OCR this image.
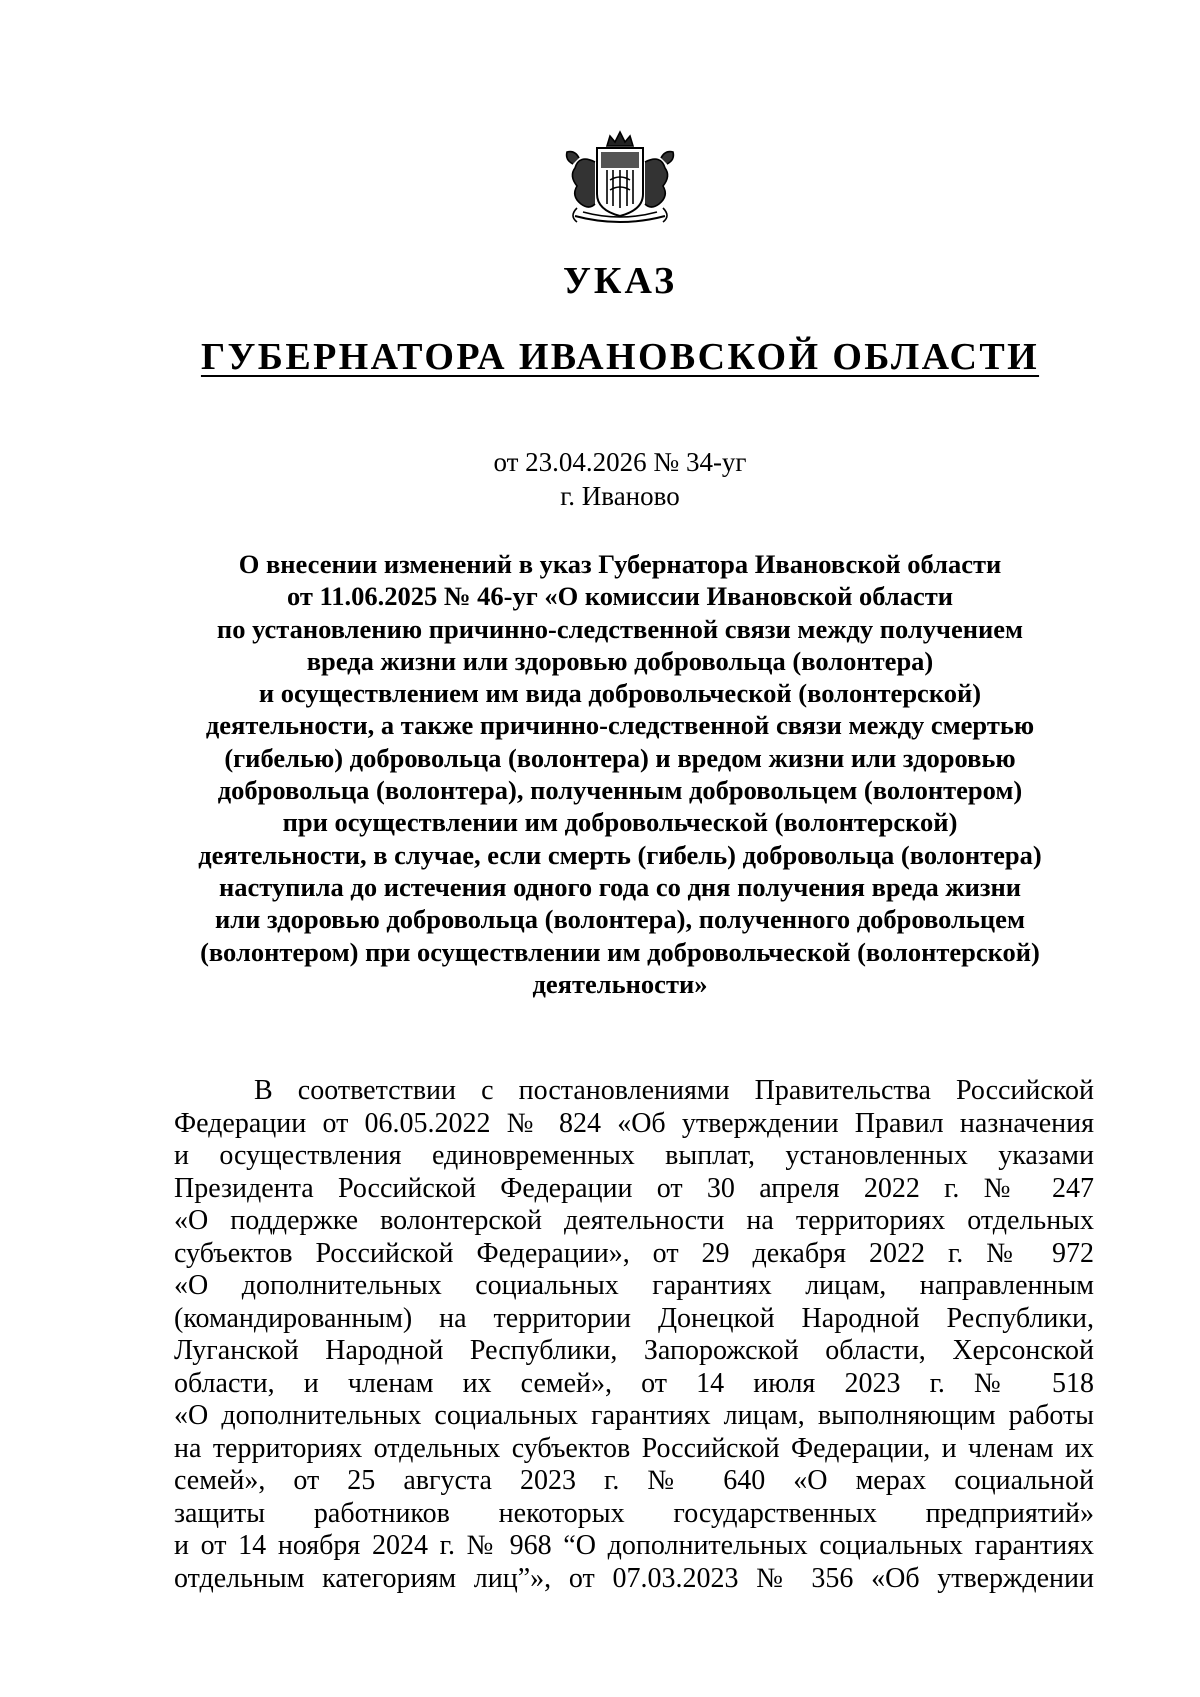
УКАЗ
ГУБЕРНАТОРА ИВАНОВСКОЙ ОБЛАСТИ
от 23.04.2026 № 34-уг
г. Иваново
О внесении изменений в указ Губернатора Ивановской области
от 11.06.2025 № 46-уг «О комиссии Ивановской области
по установлению причинно-следственной связи между получением
вреда жизни или здоровью добровольца (волонтера)
и осуществлением им вида добровольческой (волонтерской)
деятельности, а также причинно-следственной связи между смертью
(гибелью) добровольца (волонтера) и вредом жизни или здоровью
добровольца (волонтера), полученным добровольцем (волонтером)
при осуществлении им добровольческой (волонтерской)
деятельности, в случае, если смерть (гибель) добровольца (волонтера)
наступила до истечения одного года со дня получения вреда жизни
или здоровью добровольца (волонтера), полученного добровольцем
(волонтером) при осуществлении им добровольческой (волонтерской)
деятельности»
В соответствии с постановлениями Правительства Российской
Федерации от 06.05.2022 № 824 «Об утверждении Правил назначения
и осуществления единовременных выплат, установленных указами
Президента Российской Федерации от 30 апреля 2022 г. № 247
«О поддержке волонтерской деятельности на территориях отдельных
субъектов Российской Федерации», от 29 декабря 2022 г. № 972
«О дополнительных социальных гарантиях лицам, направленным
(командированным) на территории Донецкой Народной Республики,
Луганской Народной Республики, Запорожской области, Херсонской
области, и членам их семей», от 14 июля 2023 г. № 518
«О дополнительных социальных гарантиях лицам, выполняющим работы
на территориях отдельных субъектов Российской Федерации, и членам их
семей», от 25 августа 2023 г. № 640 «О мерах социальной
защиты работников некоторых государственных предприятий»
и от 14 ноября 2024 г. № 968 “О дополнительных социальных гарантиях
отдельным категориям лиц”», от 07.03.2023 № 356 «Об утверждении
